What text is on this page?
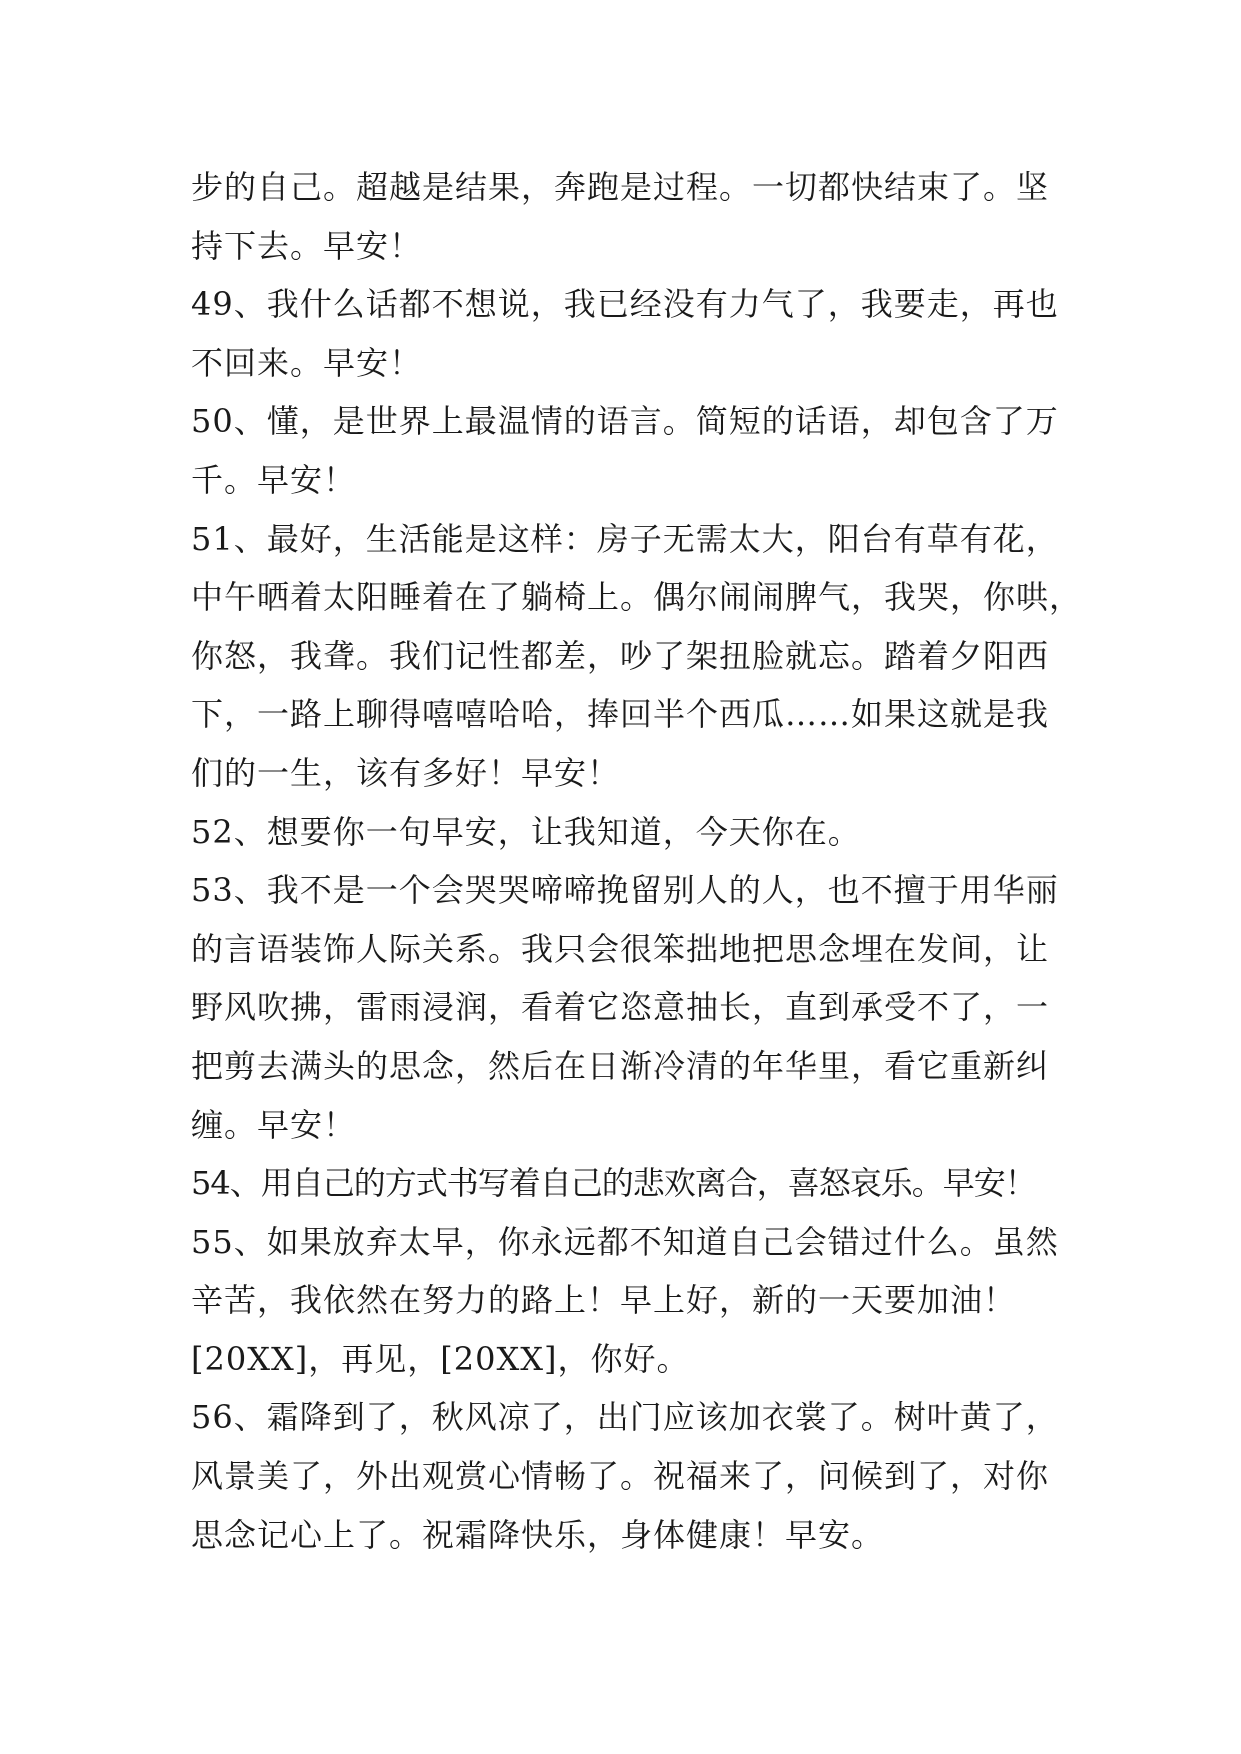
步的自己。超越是结果，奔跑是过程。一切都快结束了。坚
持下去。早安！
49、我什么话都不想说，我已经没有力气了，我要走，再也
不回来。早安！
50、懂，是世界上最温情的语言。简短的话语，却包含了万
千。早安！
51、最好，生活能是这样：房子无需太大，阳台有草有花，
中午晒着太阳睡着在了躺椅上。偶尔闹闹脾气，我哭，你哄，
你怒，我聋。我们记性都差，吵了架扭脸就忘。踏着夕阳西
下，一路上聊得嘻嘻哈哈，捧回半个西瓜……如果这就是我
们的一生，该有多好！早安！
52、想要你一句早安，让我知道，今天你在。
53、我不是一个会哭哭啼啼挽留别人的人，也不擅于用华丽
的言语装饰人际关系。我只会很笨拙地把思念埋在发间，让
野风吹拂，雷雨浸润，看着它恣意抽长，直到承受不了，一
把剪去满头的思念，然后在日渐冷清的年华里，看它重新纠
缠。早安！
54、用自己的方式书写着自己的悲欢离合，喜怒哀乐。早安！
55、如果放弃太早，你永远都不知道自己会错过什么。虽然
辛苦，我依然在努力的路上！早上好，新的一天要加油！
[20XX]，再见，[20XX]，你好。
56、霜降到了，秋风凉了，出门应该加衣裳了。树叶黄了，
风景美了，外出观赏心情畅了。祝福来了，问候到了，对你
思念记心上了。祝霜降快乐，身体健康！早安。
